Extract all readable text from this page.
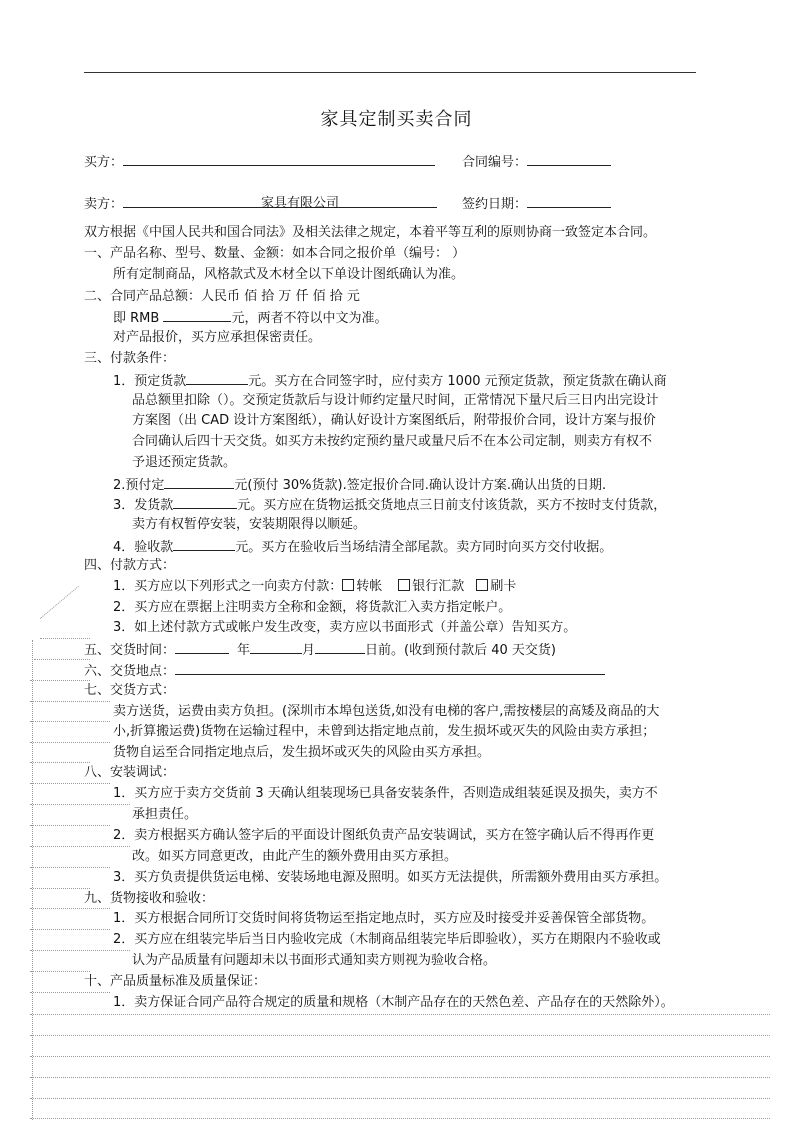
家具定制买卖合同
买方：	合同编号：
卖方：	家具有限公司	签约日期：
双方根据《中国人民共和国合同法》及相关法律之规定，本着平等互利的原则协商一致签定本合同。
一、产品名称、型号、数量、金额：如本合同之报价单（编号： ）
所有定制商品，风格款式及木材全以下单设计图纸确认为准。
二、合同产品总额：人民币 佰 拾 万 仟 佰 拾 元
即 RMB	元，两者不符以中文为准。
对产品报价，买方应承担保密责任。
三、付款条件：
1．预定货款	元。买方在合同签字时，应付卖方 1000 元预定货款，预定货款在确认商
品总额里扣除（）。交预定货款后与设计师约定量尺时间，正常情况下量尺后三日内出完设计
方案图（出 CAD 设计方案图纸），确认好设计方案图纸后，附带报价合同，设计方案与报价
合同确认后四十天交货。如买方未按约定预约量尺或量尺后不在本公司定制，则卖方有权不
予退还预定货款。
2.预付定	元(预付 30%货款).签定报价合同.确认设计方案.确认出货的日期.
3．发货款	元。买方应在货物运抵交货地点三日前支付该货款，买方不按时支付货款，
卖方有权暂停安装，安装期限得以顺延。
4．验收款	元。买方在验收后当场结清全部尾款。卖方同时向买方交付收据。
四、付款方式：
1．买方应以下列形式之一向卖方付款： 转帐 银行汇款 刷卡
2．买方应在票据上注明卖方全称和金额，将货款汇入卖方指定帐户。
3．如上述付款方式或帐户发生改变，卖方应以书面形式（并盖公章）告知买方。
五、交货时间：	年	月	日前。(收到预付款后 40 天交货)
六、交货地点：
七、交货方式：
卖方送货，运费由卖方负担。(深圳市本埠包送货,如没有电梯的客户,需按楼层的高矮及商品的大
小,折算搬运费)货物在运输过程中，未曾到达指定地点前，发生损坏或灭失的风险由卖方承担；
货物自运至合同指定地点后，发生损坏或灭失的风险由买方承担。
八、安装调试：
1．买方应于卖方交货前 3 天确认组装现场已具备安装条件，否则造成组装延误及损失，卖方不
承担责任。
2．卖方根据买方确认签字后的平面设计图纸负责产品安装调试，买方在签字确认后不得再作更
改。如买方同意更改，由此产生的额外费用由买方承担。
3．买方负责提供货运电梯、安装场地电源及照明。如买方无法提供，所需额外费用由买方承担。
九、货物接收和验收：
1．买方根据合同所订交货时间将货物运至指定地点时，买方应及时接受并妥善保管全部货物。
2．买方应在组装完毕后当日内验收完成（木制商品组装完毕后即验收），买方在期限内不验收或
认为产品质量有问题却未以书面形式通知卖方则视为验收合格。
十、产品质量标准及质量保证：
1．卖方保证合同产品符合规定的质量和规格（木制产品存在的天然色差、产品存在的天然除外）。
